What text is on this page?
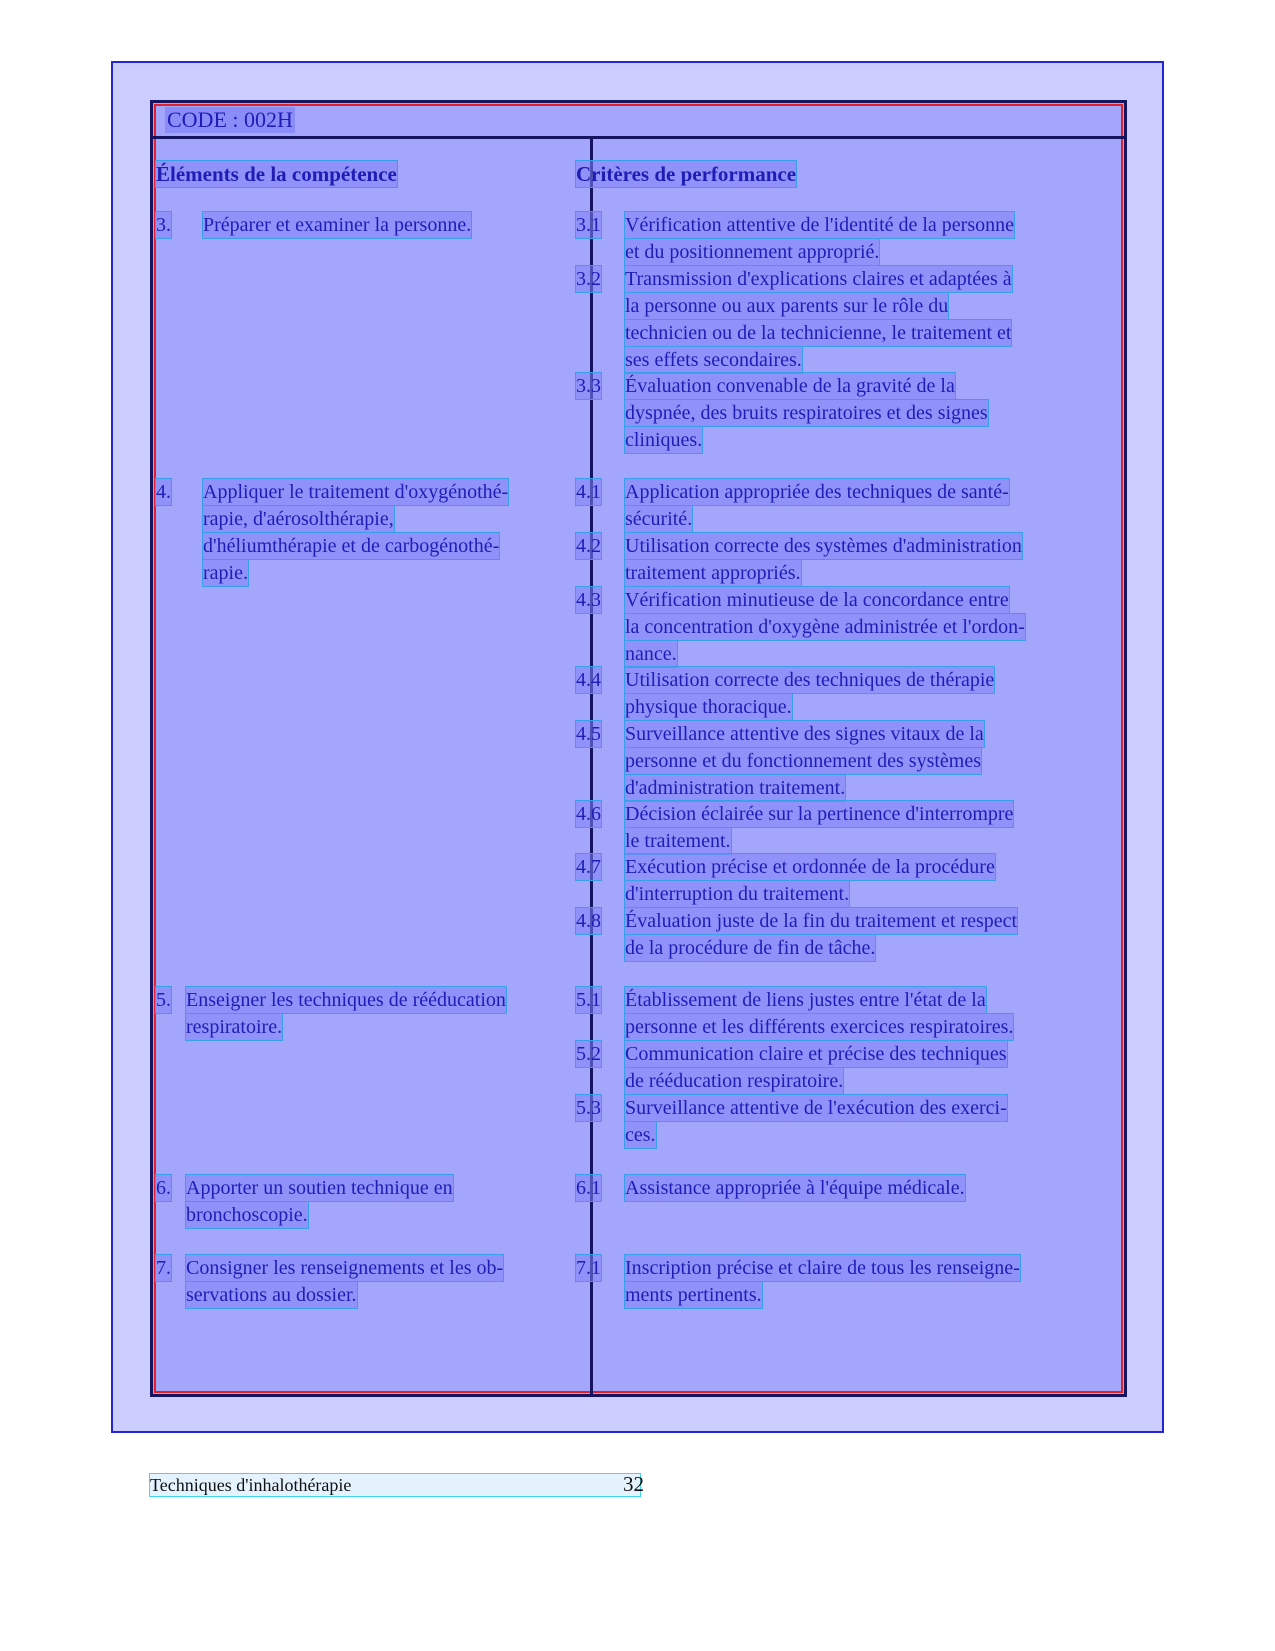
CODE : 002H
Éléments de la compétence	Critères de performance
3. Préparer et examiner la personne.
4. Appliquer le traitement d'oxygénothé-
rapie, d'aérosolthérapie,
d'héliumthérapie et de carbogénothé-
rapie.
5. Enseigner les techniques de rééducation
respiratoire.
6. Apporter un soutien technique en
bronchoscopie.
7. Consigner les renseignements et les ob-
servations au dossier.
3.1 Vérification attentive de l'identité de la personne
et du positionnement approprié.
3.2 Transmission d'explications claires et adaptées à
la personne ou aux parents sur le rôle du
technicien ou de la technicienne, le traitement et
ses effets secondaires.
3.3 Évaluation convenable de la gravité de la
dyspnée, des bruits respiratoires et des signes
cliniques.
4.1 Application appropriée des techniques de santé-
sécurité.
4.2 Utilisation correcte des systèmes d'administration
traitement appropriés.
4.3 Vérification minutieuse de la concordance entre
la concentration d'oxygène administrée et l'ordon-
nance.
4.4 Utilisation correcte des techniques de thérapie
physique thoracique.
4.5 Surveillance attentive des signes vitaux de la
personne et du fonctionnement des systèmes
d'administration traitement.
4.6 Décision éclairée sur la pertinence d'interrompre
le traitement.
4.7 Exécution précise et ordonnée de la procédure
d'interruption du traitement.
4.8 Évaluation juste de la fin du traitement et respect
de la procédure de fin de tâche.
5.1 Établissement de liens justes entre l'état de la
personne et les différents exercices respiratoires.
5.2 Communication claire et précise des techniques
de rééducation respiratoire.
5.3 Surveillance attentive de l'exécution des exerci-
ces.
6.1 Assistance appropriée à l'équipe médicale.
7.1 Inscription précise et claire de tous les renseigne-
ments pertinents.
Techniques d'inhalothérapie	32
